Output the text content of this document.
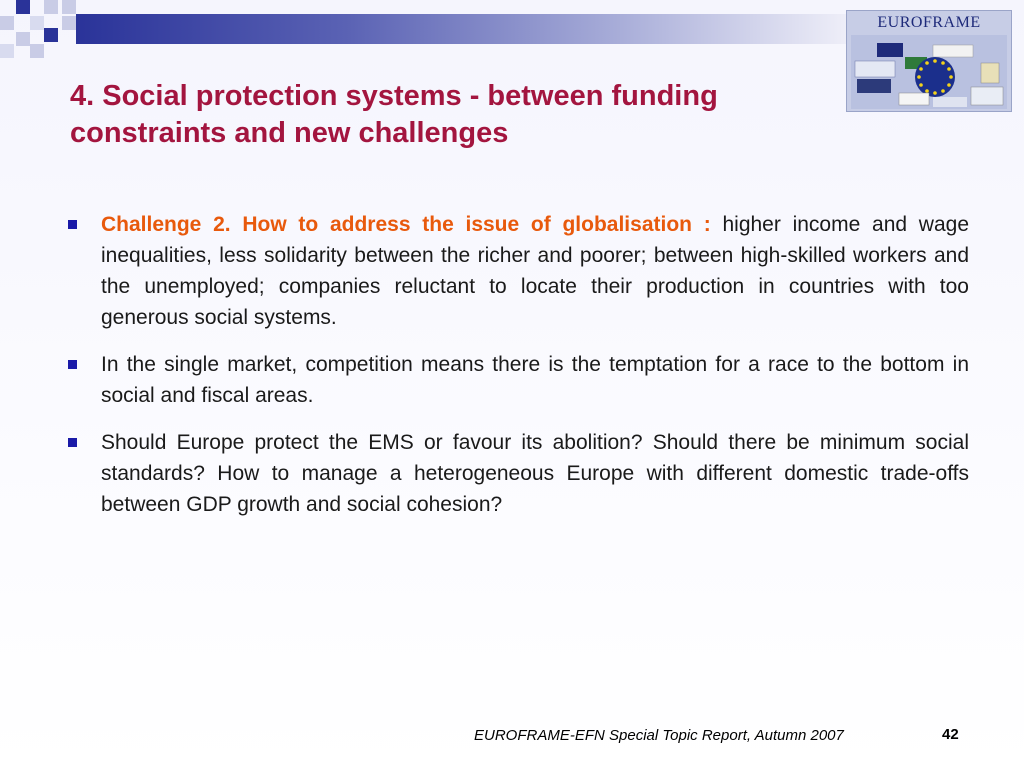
EUROFRAME
4. Social protection systems - between funding constraints and new challenges
Challenge 2. How to address the issue of globalisation : higher income and wage inequalities, less solidarity between the richer and poorer; between high-skilled workers and the unemployed; companies reluctant to locate their production in countries with too generous social systems.
In the single market, competition means there is the temptation for a race to the bottom in social and fiscal areas.
Should Europe protect the EMS or favour its abolition? Should there be minimum social standards? How to manage a heterogeneous Europe with different domestic trade-offs between GDP growth and social cohesion?
EUROFRAME-EFN Special Topic Report, Autumn 2007	42
